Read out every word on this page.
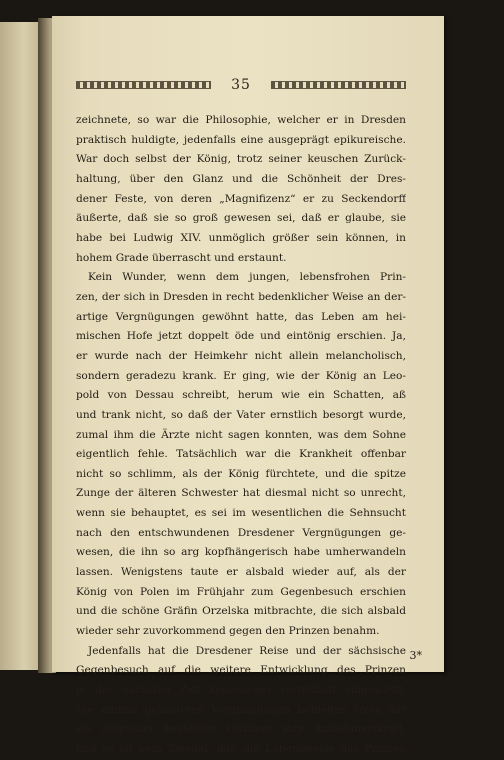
35
zeichnete, so war die Philosophie, welcher er in Dresden
praktisch huldigte, jedenfalls eine ausgeprägt epikureische.
War doch selbst der König, trotz seiner keuschen Zurück-
haltung, über den Glanz und die Schönheit der Dres-
dener Feste, von deren „Magnifizenz“ er zu Seckendorff
äußerte, daß sie so groß gewesen sei, daß er glaube, sie
habe bei Ludwig XIV. unmöglich größer sein können, in
hohem Grade überrascht und erstaunt.
Kein Wunder, wenn dem jungen, lebensfrohen Prin-
zen, der sich in Dresden in recht bedenklicher Weise an der-
artige Vergnügungen gewöhnt hatte, das Leben am hei-
mischen Hofe jetzt doppelt öde und eintönig erschien. Ja,
er wurde nach der Heimkehr nicht allein melancholisch,
sondern geradezu krank. Er ging, wie der König an Leo-
pold von Dessau schreibt, herum wie ein Schatten, aß
und trank nicht, so daß der Vater ernstlich besorgt wurde,
zumal ihm die Ärzte nicht sagen konnten, was dem Sohne
eigentlich fehle. Tatsächlich war die Krankheit offenbar
nicht so schlimm, als der König fürchtete, und die spitze
Zunge der älteren Schwester hat diesmal nicht so unrecht,
wenn sie behauptet, es sei im wesentlichen die Sehnsucht
nach den entschwundenen Dresdener Vergnügungen ge-
wesen, die ihn so arg kopfhängerisch habe umherwandeln
lassen. Wenigstens taute er alsbald wieder auf, als der
König von Polen im Frühjahr zum Gegenbesuch erschien
und die schöne Gräfin Orzelska mitbrachte, die sich alsbald
wieder sehr zuvorkommend gegen den Prinzen benahm.
Jedenfalls hat die Dresdener Reise und der sächsische
Gegenbesuch auf die weitere Entwicklung des Prinzen
in der nächsten Zeit keineswegs vorteilhaft eingewirkt.
Die einmal gekosteten Vergnügungen behielten trotz der
als Aufpasser bestellten Offiziere ihre Anziehungskraft,
und es ist kein Zweifel, daß die Lebensweise des Prinzen
3*
